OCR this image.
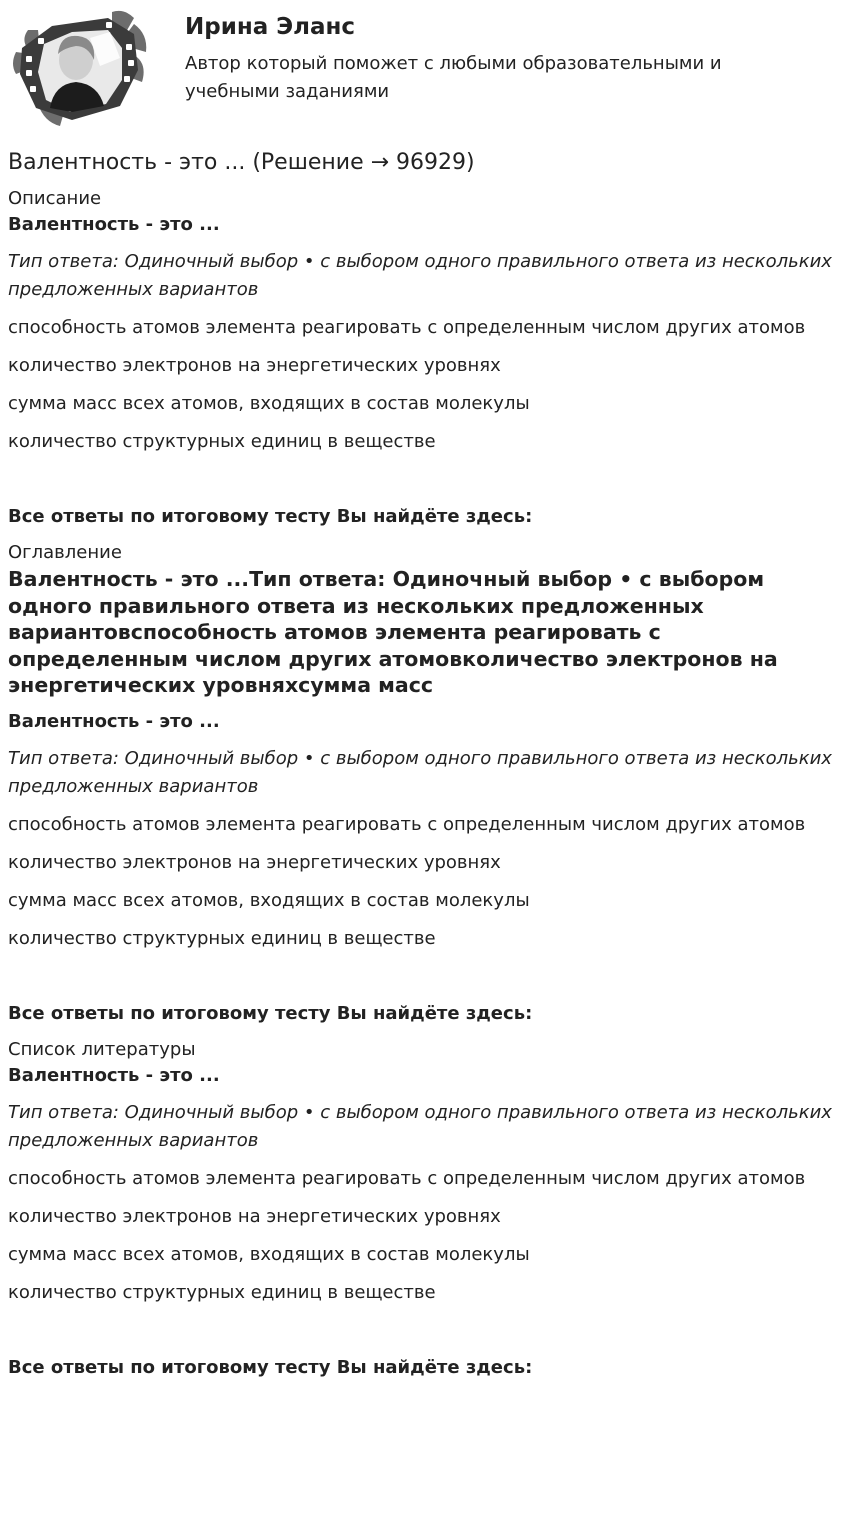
Ирина Эланс
Автор который поможет с любыми образовательными и учебными заданиями
Валентность - это ... (Решение → 96929)
Описание
Валентность - это ...
Тип ответа: Одиночный выбор • с выбором одного правильного ответа из нескольких предложенных вариантов
способность атомов элемента реагировать с определенным числом других атомов
количество электронов на энергетических уровнях
сумма масс всех атомов, входящих в состав молекулы
количество структурных единиц в веществе
Все ответы по итоговому тесту Вы найдёте здесь:
Оглавление
Валентность - это ...Тип ответа: Одиночный выбор • с выбором одного правильного ответа из нескольких предложенных вариантовспособность атомов элемента реагировать с определенным числом других атомовколичество электронов на энергетических уровняхсумма масс
Валентность - это ...
Тип ответа: Одиночный выбор • с выбором одного правильного ответа из нескольких предложенных вариантов
способность атомов элемента реагировать с определенным числом других атомов
количество электронов на энергетических уровнях
сумма масс всех атомов, входящих в состав молекулы
количество структурных единиц в веществе
Все ответы по итоговому тесту Вы найдёте здесь:
Список литературы
Валентность - это ...
Тип ответа: Одиночный выбор • с выбором одного правильного ответа из нескольких предложенных вариантов
способность атомов элемента реагировать с определенным числом других атомов
количество электронов на энергетических уровнях
сумма масс всех атомов, входящих в состав молекулы
количество структурных единиц в веществе
Все ответы по итоговому тесту Вы найдёте здесь:
